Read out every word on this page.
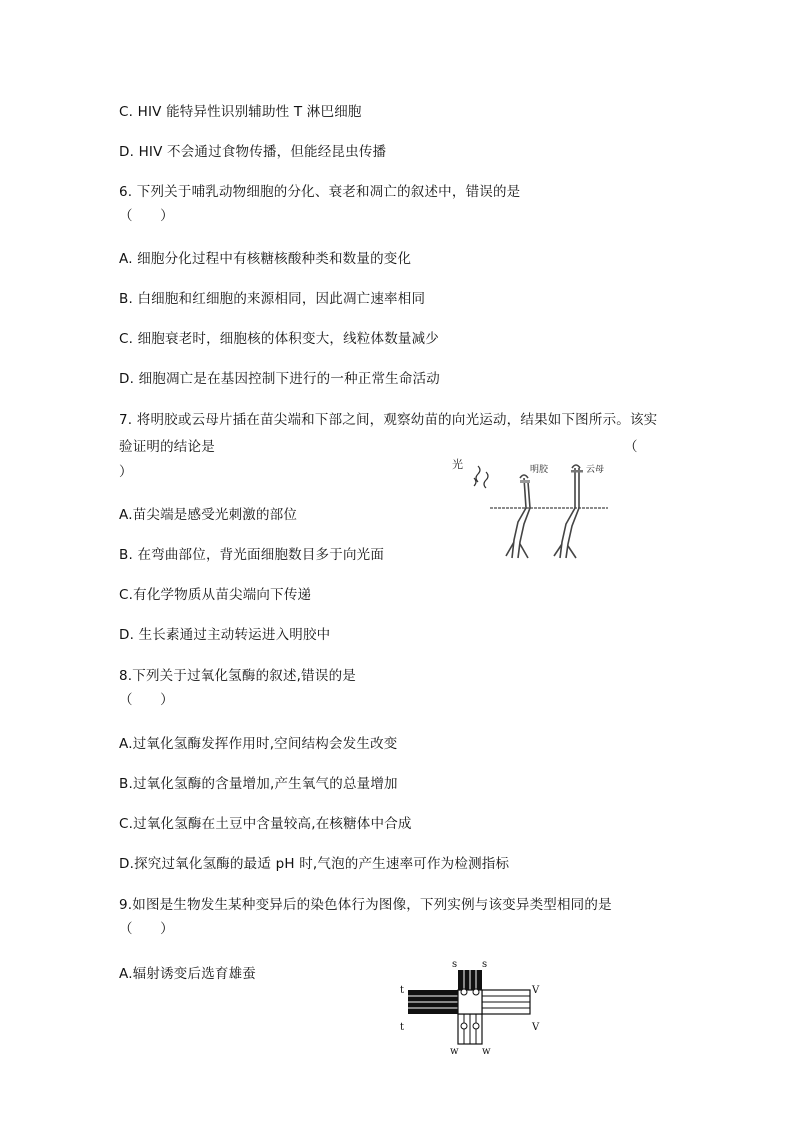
C. HIV 能特异性识别辅助性 T 淋巴细胞
D. HIV 不会通过食物传播，但能经昆虫传播
6. 下列关于哺乳动物细胞的分化、衰老和凋亡的叙述中，错误的是
（　　）
A. 细胞分化过程中有核糖核酸种类和数量的变化
B. 白细胞和红细胞的来源相同，因此凋亡速率相同
C. 细胞衰老时，细胞核的体积变大，线粒体数量减少
D. 细胞凋亡是在基因控制下进行的一种正常生命活动
7. 将明胶或云母片插在苗尖端和下部之间，观察幼苗的向光运动，结果如下图所示。该实
验证明的结论是	（
）
A.苗尖端是感受光刺激的部位
B. 在弯曲部位，背光面细胞数目多于向光面
C.有化学物质从苗尖端向下传递
D. 生长素通过主动转运进入明胶中
8.下列关于过氧化氢酶的叙述,错误的是
（　　）
A.过氧化氢酶发挥作用时,空间结构会发生改变
B.过氧化氢酶的含量增加,产生氧气的总量增加
C.过氧化氢酶在土豆中含量较高,在核糖体中合成
D.探究过氧化氢酶的最适 pH 时,气泡的产生速率可作为检测指标
9.如图是生物发生某种变异后的染色体行为图像，下列实例与该变异类型相同的是
（　　）
A.辐射诱变后选育雄蚕
光	明胶	云母
s s
t
t
V
V
w w
